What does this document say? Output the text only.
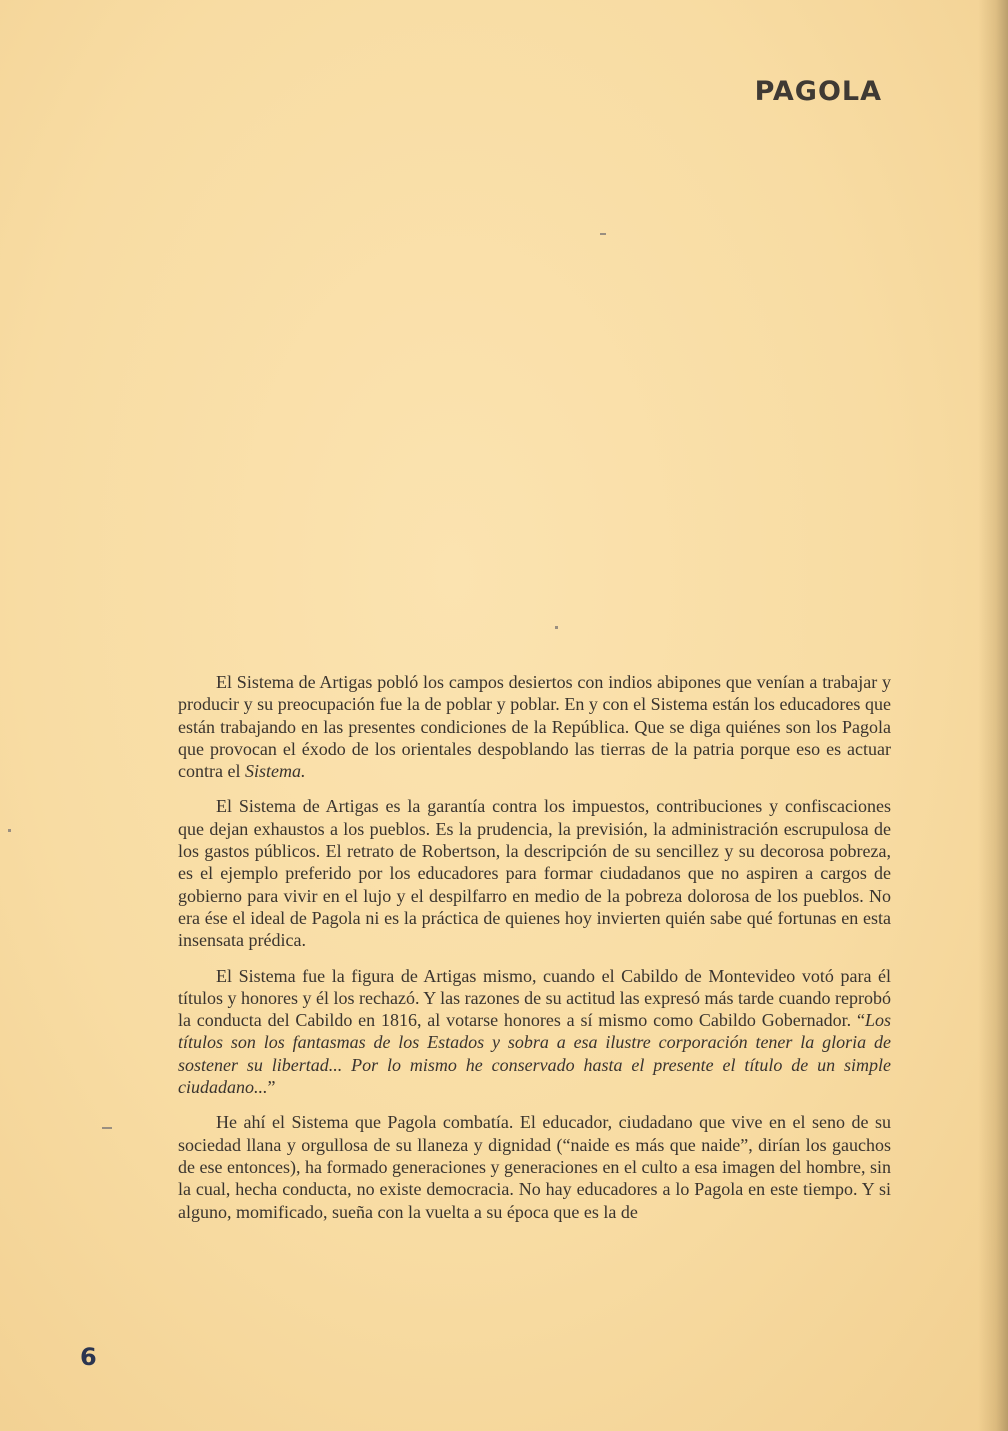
PAGOLA

El Sistema de Artigas pobló los campos desiertos con indios abipones que venían a trabajar y producir y su preocupación fue la de poblar y poblar. En y con el Sistema están los educadores que están trabajando en las presentes condiciones de la República. Que se diga quiénes son los Pagola que provocan el éxodo de los orientales despoblando las tierras de la patria porque eso es actuar contra el Sistema.

El Sistema de Artigas es la garantía contra los impuestos, contribuciones y confiscaciones que dejan exhaustos a los pueblos. Es la prudencia, la previsión, la administración escrupulosa de los gastos públicos. El retrato de Robertson, la descripción de su sencillez y su decorosa pobreza, es el ejemplo preferido por los educadores para formar ciudadanos que no aspiren a cargos de gobierno para vivir en el lujo y el despilfarro en medio de la pobreza dolorosa de los pueblos. No era ése el ideal de Pagola ni es la práctica de quienes hoy invierten quién sabe qué fortunas en esta insensata prédica.

El Sistema fue la figura de Artigas mismo, cuando el Cabildo de Montevideo votó para él títulos y honores y él los rechazó. Y las razones de su actitud las expresó más tarde cuando reprobó la conducta del Cabildo en 1816, al votarse honores a sí mismo como Cabildo Gobernador. “Los títulos son los fantasmas de los Estados y sobra a esa ilustre corporación tener la gloria de sostener su libertad... Por lo mismo he conservado hasta el presente el título de un simple ciudadano...”

He ahí el Sistema que Pagola combatía. El educador, ciudadano que vive en el seno de su sociedad llana y orgullosa de su llaneza y dignidad (“naide es más que naide”, dirían los gauchos de ese entonces), ha formado generaciones y generaciones en el culto a esa imagen del hombre, sin la cual, hecha conducta, no existe democracia. No hay educadores a lo Pagola en este tiempo. Y si alguno, momificado, sueña con la vuelta a su época que es la de

6
